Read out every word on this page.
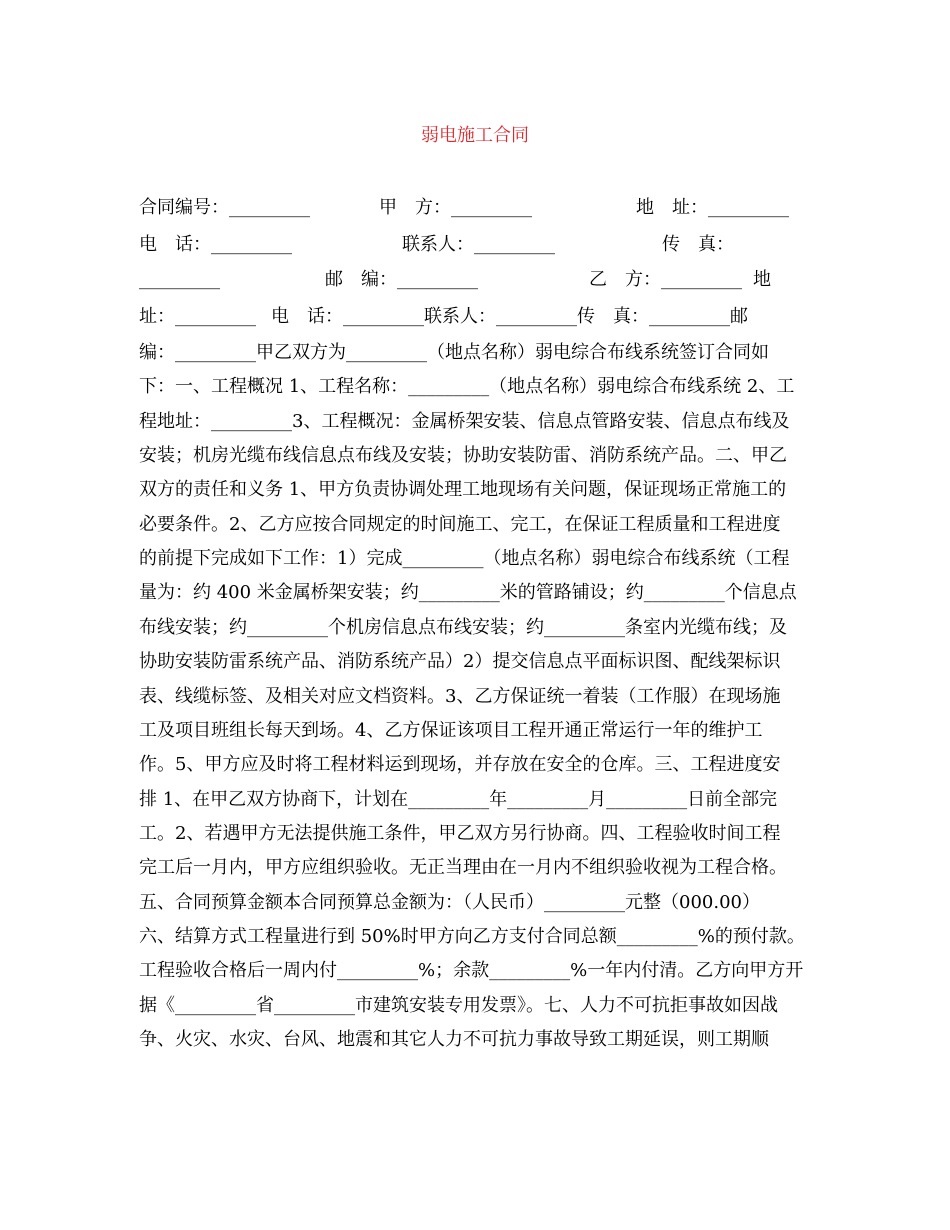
弱电施工合同
合同编号：_________	甲　方：_________	地　址：_________
电　话：_________	联系人：_________	传　真：
_________	邮　编：_________	乙　方：_________ 地
址：_________ 电　话：_________联系人：_________传　真：_________邮
编：_________甲乙双方为_________（地点名称）弱电综合布线系统签订合同如
下：一、工程概况 1、工程名称：_________（地点名称）弱电综合布线系统 2、工
程地址：_________3、工程概况：金属桥架安装、信息点管路安装、信息点布线及
安装；机房光缆布线信息点布线及安装；协助安装防雷、消防系统产品。二、甲乙
双方的责任和义务 1、甲方负责协调处理工地现场有关问题，保证现场正常施工的
必要条件。2、乙方应按合同规定的时间施工、完工，在保证工程质量和工程进度
的前提下完成如下工作：1）完成_________（地点名称）弱电综合布线系统（工程
量为：约 400 米金属桥架安装；约_________米的管路铺设；约_________个信息点
布线安装；约_________个机房信息点布线安装；约_________条室内光缆布线；及
协助安装防雷系统产品、消防系统产品）2）提交信息点平面标识图、配线架标识
表、线缆标签、及相关对应文档资料。3、乙方保证统一着装（工作服）在现场施
工及项目班组长每天到场。4、乙方保证该项目工程开通正常运行一年的维护工
作。5、甲方应及时将工程材料运到现场，并存放在安全的仓库。三、工程进度安
排 1、在甲乙双方协商下，计划在_________年_________月_________日前全部完
工。2、若遇甲方无法提供施工条件，甲乙双方另行协商。四、工程验收时间工程
完工后一月内，甲方应组织验收。无正当理由在一月内不组织验收视为工程合格。
五、合同预算金额本合同预算总金额为：（人民币）_________元整（000.00）
六、结算方式工程量进行到 50%时甲方向乙方支付合同总额_________%的预付款。
工程验收合格后一周内付_________%；余款_________%一年内付清。乙方向甲方开
据《_________省_________市建筑安装专用发票》。七、人力不可抗拒事故如因战
争、火灾、水灾、台风、地震和其它人力不可抗力事故导致工期延误，则工期顺
